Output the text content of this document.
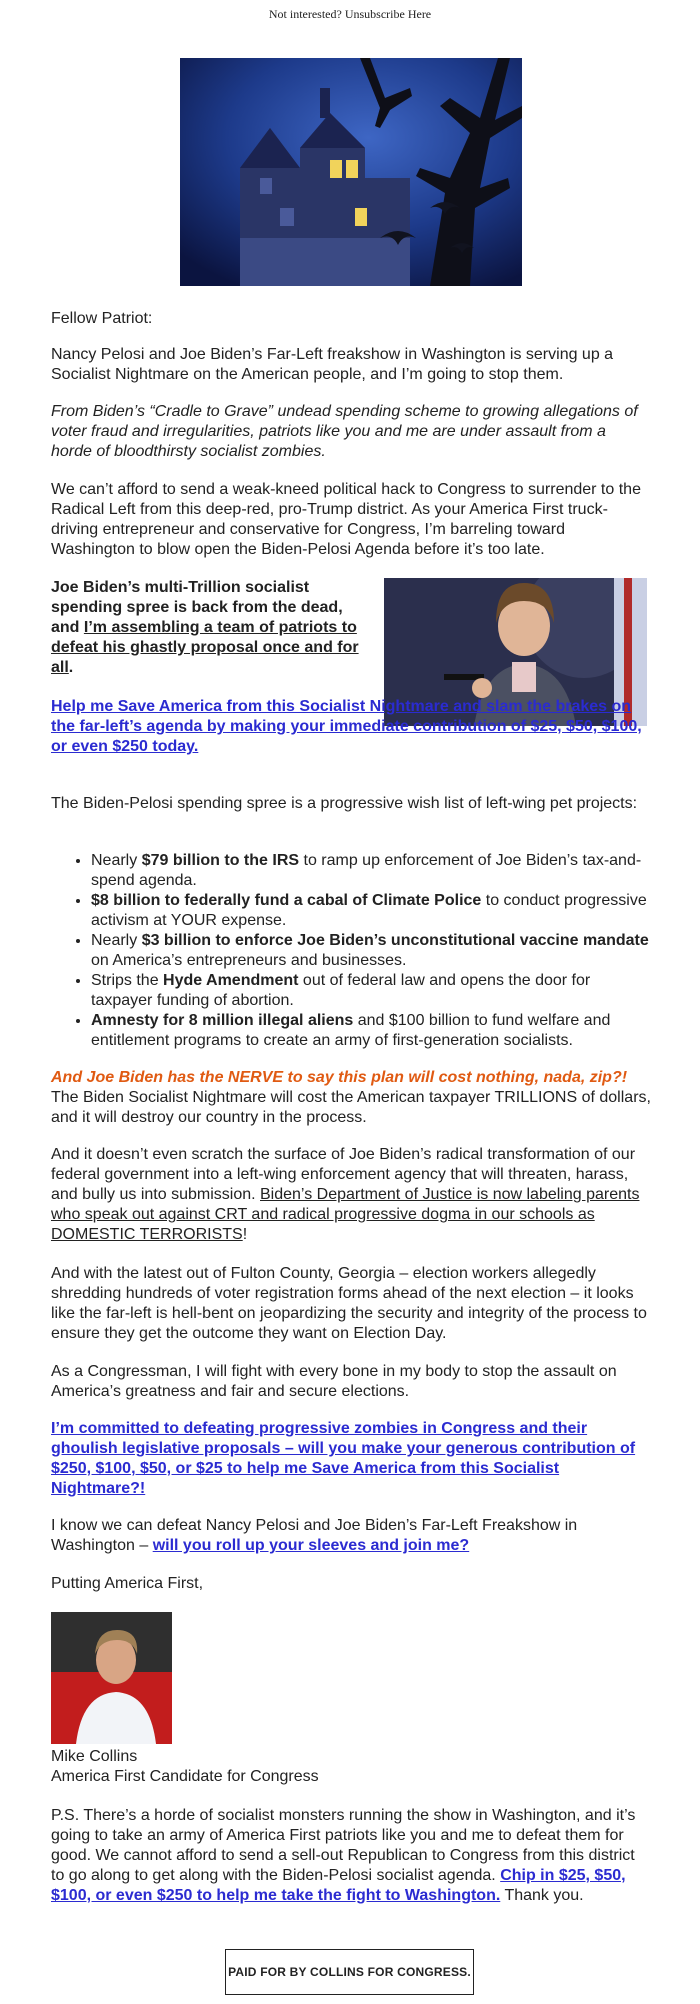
Not interested? Unsubscribe Here

Fellow Patriot:

Nancy Pelosi and Joe Biden’s Far-Left freakshow in Washington is serving up a Socialist Nightmare on the American people, and I’m going to stop them.

From Biden’s “Cradle to Grave” undead spending scheme to growing allegations of voter fraud and irregularities, patriots like you and me are under assault from a horde of bloodthirsty socialist zombies.

We can’t afford to send a weak-kneed political hack to Congress to surrender to the Radical Left from this deep-red, pro-Trump district. As your America First truck-driving entrepreneur and conservative for Congress, I’m barreling toward Washington to blow open the Biden-Pelosi Agenda before it’s too late.

Joe Biden’s multi-Trillion socialist spending spree is back from the dead, and I’m assembling a team of patriots to defeat his ghastly proposal once and for all.

Help me Save America from this Socialist Nightmare and slam the brakes on the far-left’s agenda by making your immediate contribution of $25, $50, $100, or even $250 today.

The Biden-Pelosi spending spree is a progressive wish list of left-wing pet projects:

• Nearly $79 billion to the IRS to ramp up enforcement of Joe Biden’s tax-and-spend agenda.
• $8 billion to federally fund a cabal of Climate Police to conduct progressive activism at YOUR expense.
• Nearly $3 billion to enforce Joe Biden’s unconstitutional vaccine mandate on America’s entrepreneurs and businesses.
• Strips the Hyde Amendment out of federal law and opens the door for taxpayer funding of abortion.
• Amnesty for 8 million illegal aliens and $100 billion to fund welfare and entitlement programs to create an army of first-generation socialists.

And Joe Biden has the NERVE to say this plan will cost nothing, nada, zip?! The Biden Socialist Nightmare will cost the American taxpayer TRILLIONS of dollars, and it will destroy our country in the process.

And it doesn’t even scratch the surface of Joe Biden’s radical transformation of our federal government into a left-wing enforcement agency that will threaten, harass, and bully us into submission. Biden’s Department of Justice is now labeling parents who speak out against CRT and radical progressive dogma in our schools as DOMESTIC TERRORISTS!

And with the latest out of Fulton County, Georgia – election workers allegedly shredding hundreds of voter registration forms ahead of the next election – it looks like the far-left is hell-bent on jeopardizing the security and integrity of the process to ensure they get the outcome they want on Election Day.

As a Congressman, I will fight with every bone in my body to stop the assault on America’s greatness and fair and secure elections.

I’m committed to defeating progressive zombies in Congress and their ghoulish legislative proposals – will you make your generous contribution of $250, $100, $50, or $25 to help me Save America from this Socialist Nightmare?!

I know we can defeat Nancy Pelosi and Joe Biden’s Far-Left Freakshow in Washington – will you roll up your sleeves and join me?

Putting America First,

Mike Collins

America First Candidate for Congress

P.S. There’s a horde of socialist monsters running the show in Washington, and it’s going to take an army of America First patriots like you and me to defeat them for good. We cannot afford to send a sell-out Republican to Congress from this district to go along to get along with the Biden-Pelosi socialist agenda. Chip in $25, $50, $100, or even $250 to help me take the fight to Washington. Thank you.

PAID FOR BY COLLINS FOR CONGRESS.
